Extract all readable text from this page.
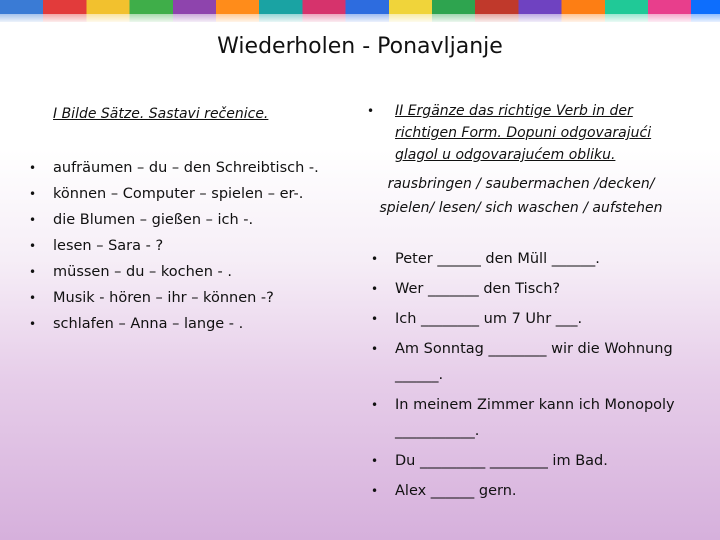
Wiederholen - Ponavljanje
I Bilde Sätze. Sastavi rečenice.
• aufräumen – du – den Schreibtisch -.
• können – Computer – spielen – er-.
• die Blumen – gießen – ich -.
• lesen – Sara - ?
• müssen – du – kochen - .
• Musik - hören – ihr – können -?
• schlafen – Anna – lange - .
• II Ergänze das richtige Verb in der richtigen Form. Dopuni odgovarajući glagol u odgovarajućem obliku.
rausbringen / saubermachen /decken/ spielen/ lesen/ sich waschen / aufstehen
• Peter ______ den Müll ______.
• Wer _______ den Tisch?
• Ich ________ um 7 Uhr ___.
• Am Sonntag ________ wir die Wohnung ______.
• In meinem Zimmer kann ich Monopoly ___________.
• Du _________ ________ im Bad.
• Alex ______ gern.
